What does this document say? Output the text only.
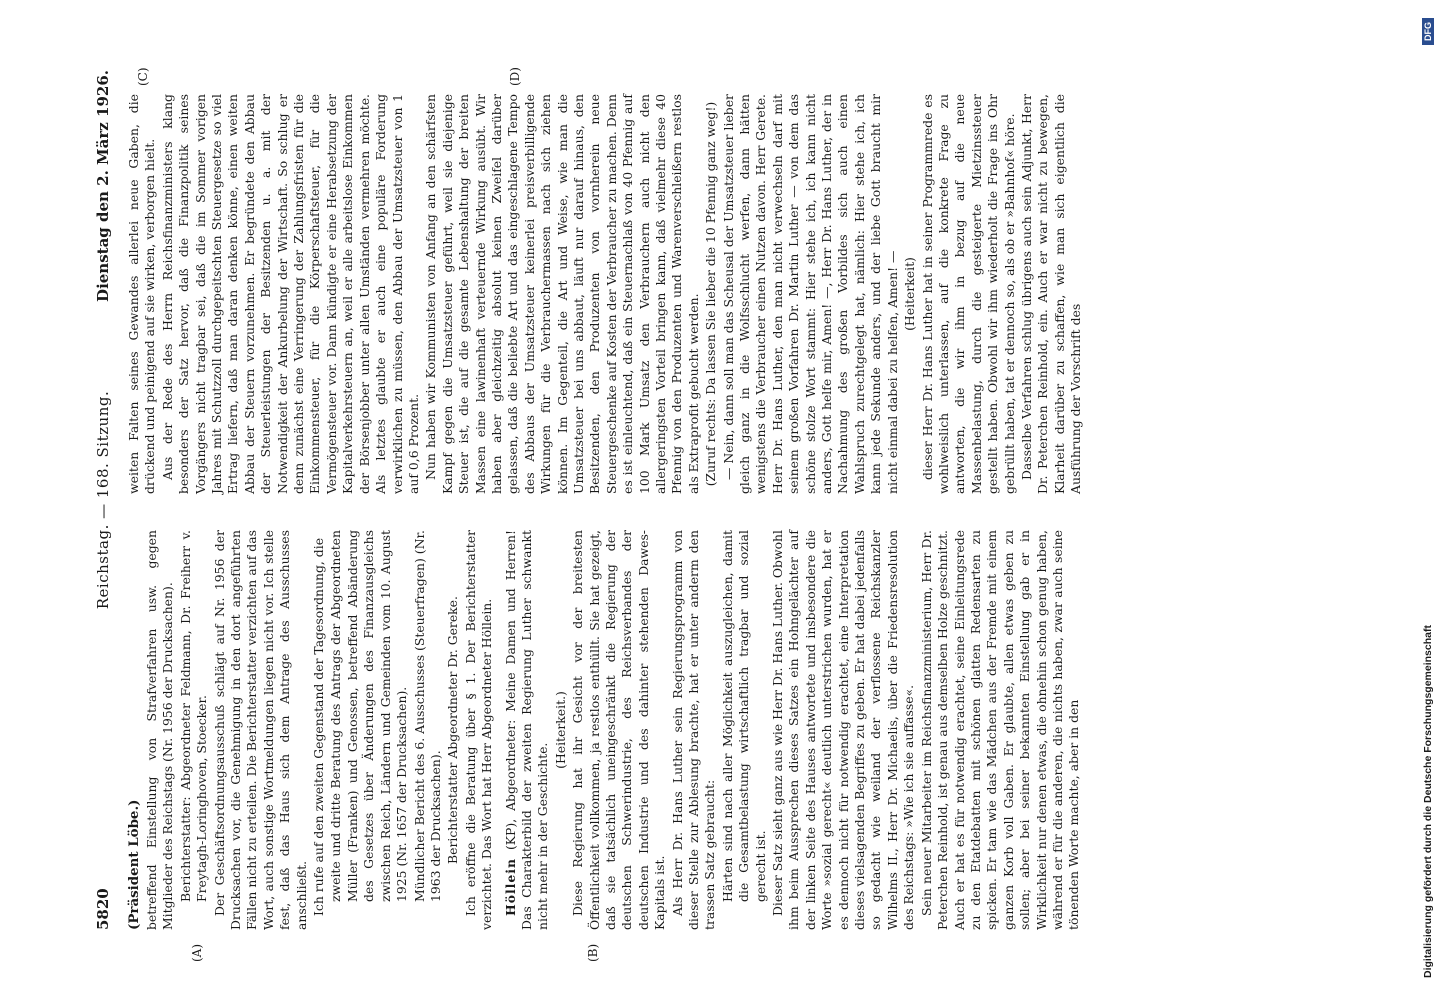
5820
Reichstag. — 168. Sitzung.
Dienstag den 2. März 1926.
(A)	(B)
(C)	(D)

(Präsident Löbe.) betreffend Einstellung von Strafverfahren usw. gegen Mitglieder des Reichstags (Nr. 1956 der Drucksachen). Berichterstatter: Abgeordneter Feldmann, Dr. Freiherr v. Freytagh-Loringhoven, Stoecker. Der Geschäftsordnungsausschuß schlägt auf Nr. 1956 der Drucksachen vor, die Genehmigung in den dort angeführten Fällen nicht zu erteilen. Die Berichterstatter verzichten auf das Wort, auch sonstige Wortmeldungen liegen nicht vor. Ich stelle fest, daß das Haus sich dem Antrage des Ausschusses anschließt. Ich rufe auf den zweiten Gegenstand der Tagesordnung, die zweite und dritte Beratung des Antrags der Abgeordneten Müller (Franken) und Genossen, betreffend Abänderung des Gesetzes über Änderungen des Finanzausgleichs zwischen Reich, Ländern und Gemeinden vom 10. August 1925 (Nr. 1657 der Drucksachen). Mündlicher Bericht des 6. Ausschusses (Steuerfragen) (Nr. 1963 der Drucksachen). Berichterstatter Abgeordneter Dr. Gereke. Ich eröffne die Beratung über § 1. Der Berichterstatter verzichtet. Das Wort hat Herr Abgeordneter Höllein. Höllein (KP), Abgeordneter: Meine Damen und Herren! Das Charakterbild der zweiten Regierung Luther schwankt nicht mehr in der Geschichte.

(Heiterkeit.) Diese Regierung hat ihr Gesicht vor der breitesten Öffentlichkeit vollkommen, ja restlos enthüllt. Sie hat gezeigt, daß sie tatsächlich uneingeschränkt die Regierung der deutschen Schwerindustrie, des Reichsverbandes der deutschen Industrie und des dahinter stehenden Dawes-Kapitals ist. Als Herr Dr. Hans Luther sein Regierungsprogramm von dieser Stelle zur Ablesung brachte, hat er unter anderm den trassen Satz gebraucht: Härten sind nach aller Möglichkeit auszugleichen, damit die Gesamtbelastung wirtschaftlich tragbar und sozial gerecht ist. Dieser Satz sieht ganz aus wie Herr Dr. Hans Luther. Obwohl ihm beim Aussprechen dieses Satzes ein Hohngelächter auf der linken Seite des Hauses antwortete und insbesondere die Worte »sozial gerecht« deutlich unterstrichen wurden, hat er es dennoch nicht für notwendig erachtet, eine Interpretation dieses vielsagenden Begriffes zu geben. Er hat dabei jedenfalls so gedacht wie weiland der verflossene Reichskanzler Wilhelms II., Herr Dr. Michaelis, über die Friedensresolution des Reichstags: »Wie ich sie auffasse«. Sein neuer Mitarbeiter im Reichsfinanzministerium, Herr Dr. Peterchen Reinhold, ist genau aus demselben Holze geschnitzt. Auch er hat es für notwendig erachtet, seine Einleitungsrede zu den Etatdebatten mit schönen glatten Redensarten zu spicken. Er tam wie das Mädchen aus der Fremde mit einem ganzen Korb voll Gaben. Er glaubte, allen etwas geben zu sollen; aber bei seiner bekannten Einstellung gab er in Wirklichkeit nur denen etwas, die ohnehin schon genug haben, während er für die anderen, die nichts haben, zwar auch seine tönenden Worte machte, aber in den

weiten Falten seines Gewandes allerlei neue Gaben, die drückend und peinigend auf sie wirken, verborgen hielt. Aus der Rede des Herrn Reichsfinanzministers klang besonders der Satz hervor, daß die Finanzpolitik seines Vorgängers nicht tragbar sei, daß die im Sommer vorigen Jahres mit Schutzzoll durchgepeitschten Steuergesetze so viel Ertrag liefern, daß man daran denken könne, einen weiten Abbau der Steuern vorzunehmen. Er begründete den Abbau der Steuerleistungen der Besitzenden u. a. mit der Notwendigkeit der Ankurbelung der Wirtschaft. So schlug er denn zunächst eine Verringerung der Zahlungsfristen für die Einkommensteuer, für die Körperschaftsteuer, für die Vermögensteuer vor. Dann kündigte er eine Herabsetzung der Kapitalverkehrsteuern an, weil er alle arbeitslose Einkommen der Börsenjobber unter allen Umständen vermehren möchte. Als letztes glaubte er auch eine populäre Forderung verwirklichen zu müssen, den Abbau der Umsatzsteuer von 1 auf 0,6 Prozent. Nun haben wir Kommunisten von Anfang an den schärfsten Kampf gegen die Umsatzsteuer geführt, weil sie diejenige Steuer ist, die auf die gesamte Lebenshaltung der breiten Massen eine lawinenhaft verteuernde Wirkung ausübt. Wir haben aber gleichzeitig absolut keinen Zweifel darüber gelassen, daß die beliebte Art und das eingeschlagene Tempo des Abbaus der Umsatzsteuer keinerlei preisverbilligende Wirkungen für die Verbrauchermassen nach sich ziehen können. Im Gegenteil, die Art und Weise, wie man die Umsatzsteuer bei uns abbaut, läuft nur darauf hinaus, den Besitzenden, den Produzenten von vornherein neue Steuergeschenke auf Kosten der Verbraucher zu machen. Denn es ist einleuchtend, daß ein Steuernachlaß von 40 Pfennig auf 100 Mark Umsatz den Verbrauchern auch nicht den allergeringsten Vorteil bringen kann, daß vielmehr diese 40 Pfennig von den Produzenten und Warenverschleißern restlos als Extraprofit gebucht werden. (Zuruf rechts: Da lassen Sie lieber die 10 Pfennig ganz weg!) — Nein, dann soll man das Scheusal der Umsatzsteuer lieber gleich ganz in die Wolfsschlucht werfen, dann hätten wenigstens die Verbraucher einen Nutzen davon. Herr Gerete. Herr Dr. Hans Luther, den man nicht verwechseln darf mit seinem großen Vorfahren Dr. Martin Luther — von dem das schöne stolze Wort stammt: Hier stehe ich, ich kann nicht anders, Gott helfe mir, Amen! —, Herr Dr. Hans Luther, der in Nachahmung des großen Vorbildes sich auch einen Wahlspruch zurechtgelegt hat, nämlich: Hier stehe ich, ich kann jede Sekunde anders, und der liebe Gott braucht mir nicht einmal dabei zu helfen, Amen! — (Heiterkeit) dieser Herr Dr. Hans Luther hat in seiner Programmrede es wohlweislich unterlassen, auf die konkrete Frage zu antworten, die wir ihm in bezug auf die neue Massenbelastung, durch die gesteigerte Mietzinssteuer gestellt haben. Obwohl wir ihm wiederholt die Frage ins Ohr gebrüllt haben, tat er dennoch so, als ob er »Bahnhof« höre. Dasselbe Verfahren schlug übrigens auch sein Adjunkt, Herr Dr. Peterchen Reinhold, ein. Auch er war nicht zu bewegen, Klarheit darüber zu schaffen, wie man sich eigentlich die Ausführung der Vorschrift des

Digitalisierung gefördert durch die Deutsche Forschungsgemeinschaft
DFG
